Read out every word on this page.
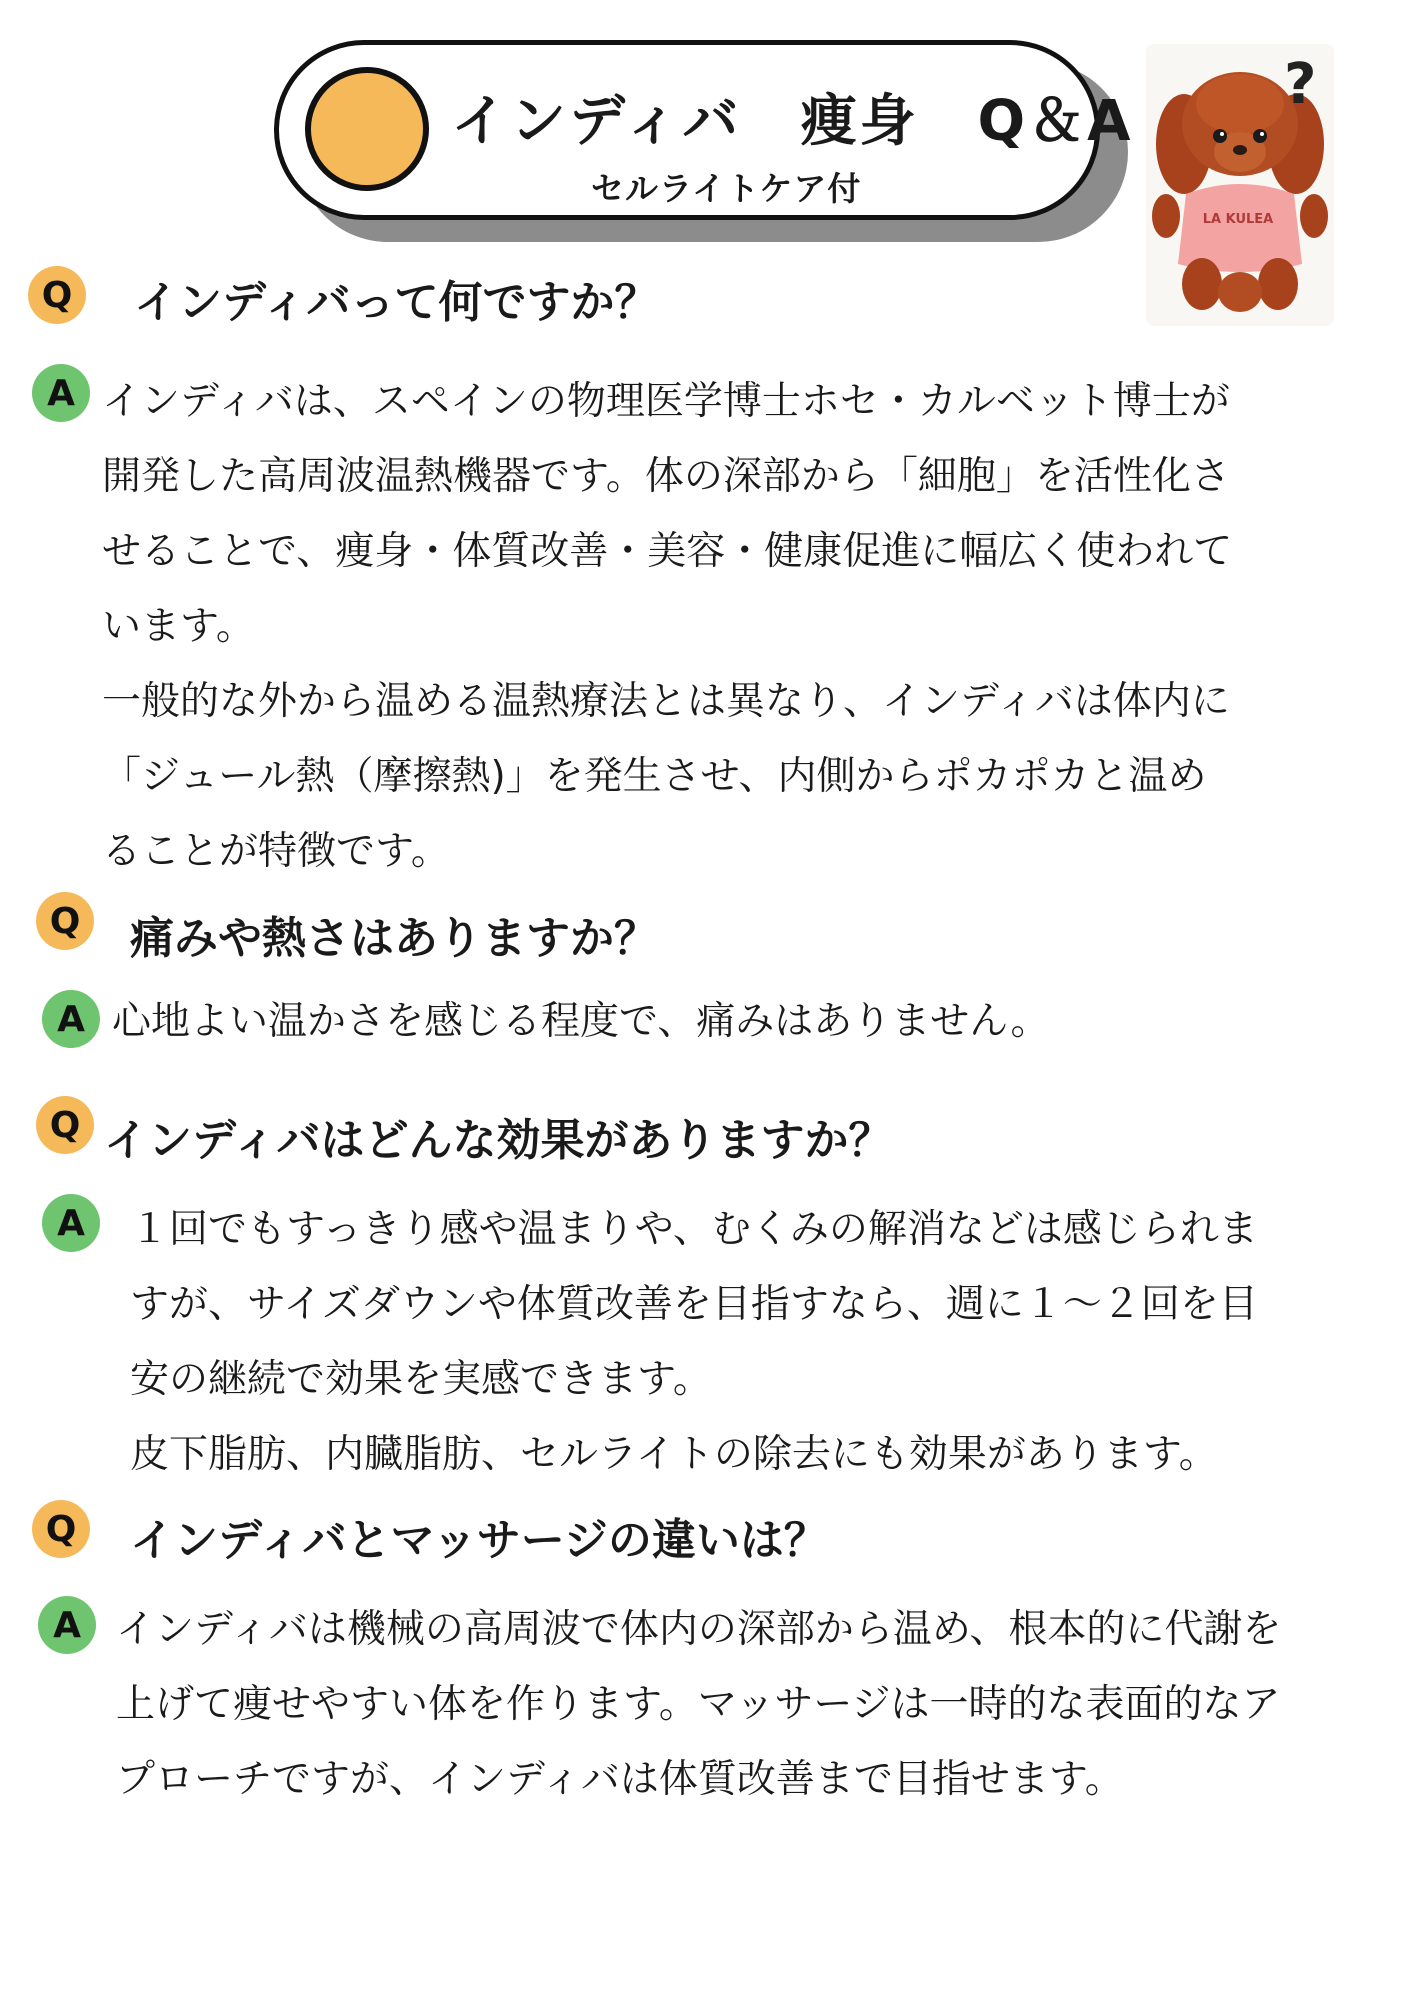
インディバ　痩身　Q＆A
セルライトケア付
LA KULEA
?
Q	インディバって何ですか？
A インディバは、スペインの物理医学博士ホセ・カルベット博士が
開発した高周波温熱機器です。体の深部から「細胞」を活性化さ
せることで、痩身・体質改善・美容・健康促進に幅広く使われて
います。
一般的な外から温める温熱療法とは異なり、インディバは体内に
「ジュール熱（摩擦熱)」を発生させ、内側からポカポカと温め
ることが特徴です。
Q	痛みや熱さはありますか？
A 心地よい温かさを感じる程度で、痛みはありません。
Q インディバはどんな効果がありますか？
A	１回でもすっきり感や温まりや、むくみの解消などは感じられま
すが、サイズダウンや体質改善を目指すなら、週に１～２回を目
安の継続で効果を実感できます。
皮下脂肪、内臓脂肪、セルライトの除去にも効果があります。
Q	インディバとマッサージの違いは？
A インディバは機械の高周波で体内の深部から温め、根本的に代謝を
上げて痩せやすい体を作ります。マッサージは一時的な表面的なア
プローチですが、インディバは体質改善まで目指せます。
